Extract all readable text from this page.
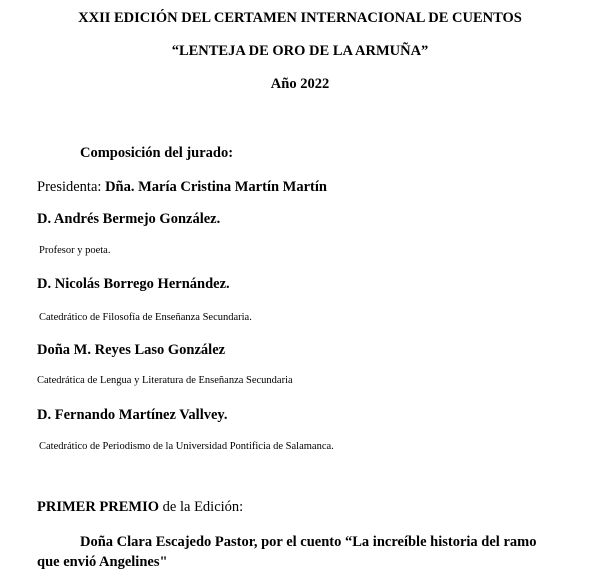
XXII EDICIÓN DEL CERTAMEN INTERNACIONAL DE CUENTOS
“LENTEJA DE ORO DE LA ARMUÑA”
Año 2022
Composición del jurado:
Presidenta: Dña. María Cristina Martín Martín
D. Andrés Bermejo González.
Profesor y poeta.
D. Nicolás Borrego Hernández.
Catedrático de Filosofía de Enseñanza Secundaria.
Doña M. Reyes Laso González
Catedrática de Lengua y Literatura de Enseñanza Secundaria
D. Fernando Martínez Vallvey.
Catedrático de Periodismo de la Universidad Pontificia de Salamanca.
PRIMER PREMIO de la Edición:
Doña Clara Escajedo Pastor, por el cuento “La increíble historia del ramo
que envió Angelines"
